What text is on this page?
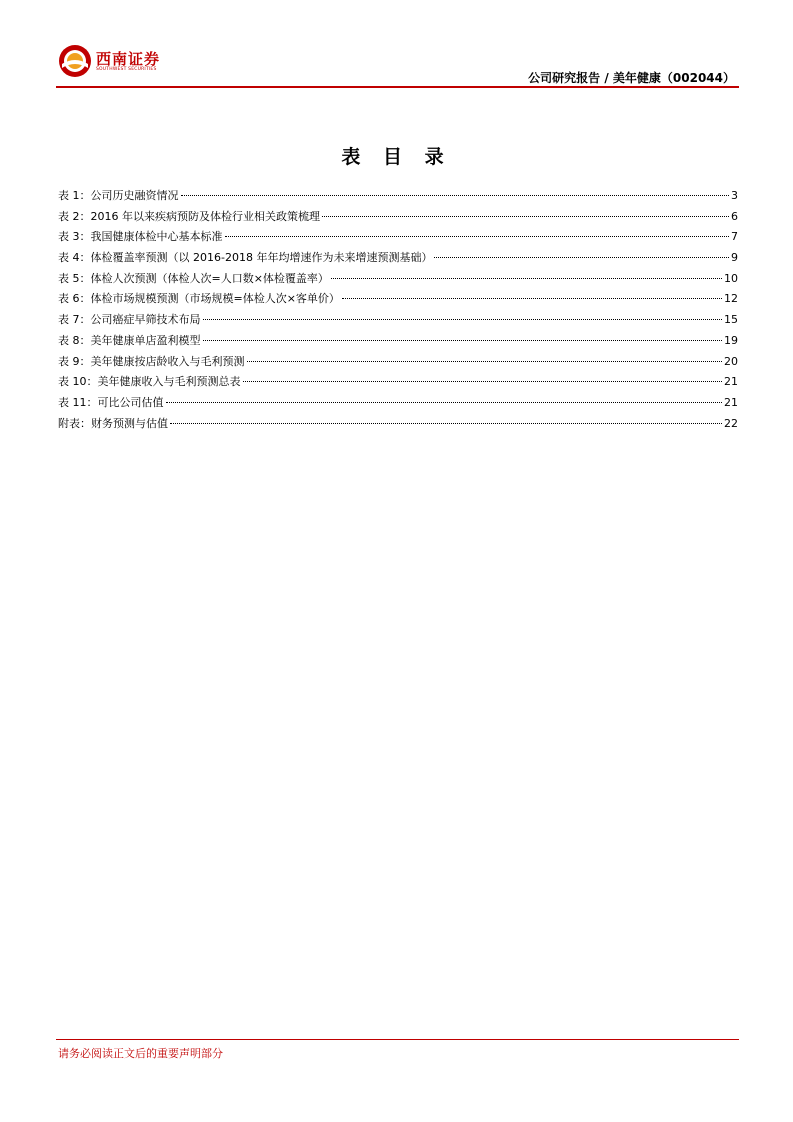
西南证券
SOUTHWEST SECURITIES
公司研究报告 / 美年健康（002044）
表 目 录
表 1：公司历史融资情况	3
表 2：2016 年以来疾病预防及体检行业相关政策梳理	6
表 3：我国健康体检中心基本标准	7
表 4：体检覆盖率预测（以 2016-2018 年年均增速作为未来增速预测基础）	9
表 5：体检人次预测（体检人次=人口数×体检覆盖率）	10
表 6：体检市场规模预测（市场规模=体检人次×客单价）	12
表 7：公司癌症早筛技术布局	15
表 8：美年健康单店盈利模型	19
表 9：美年健康按店龄收入与毛利预测	20
表 10：美年健康收入与毛利预测总表	21
表 11：可比公司估值	21
附表：财务预测与估值	22
请务必阅读正文后的重要声明部分
